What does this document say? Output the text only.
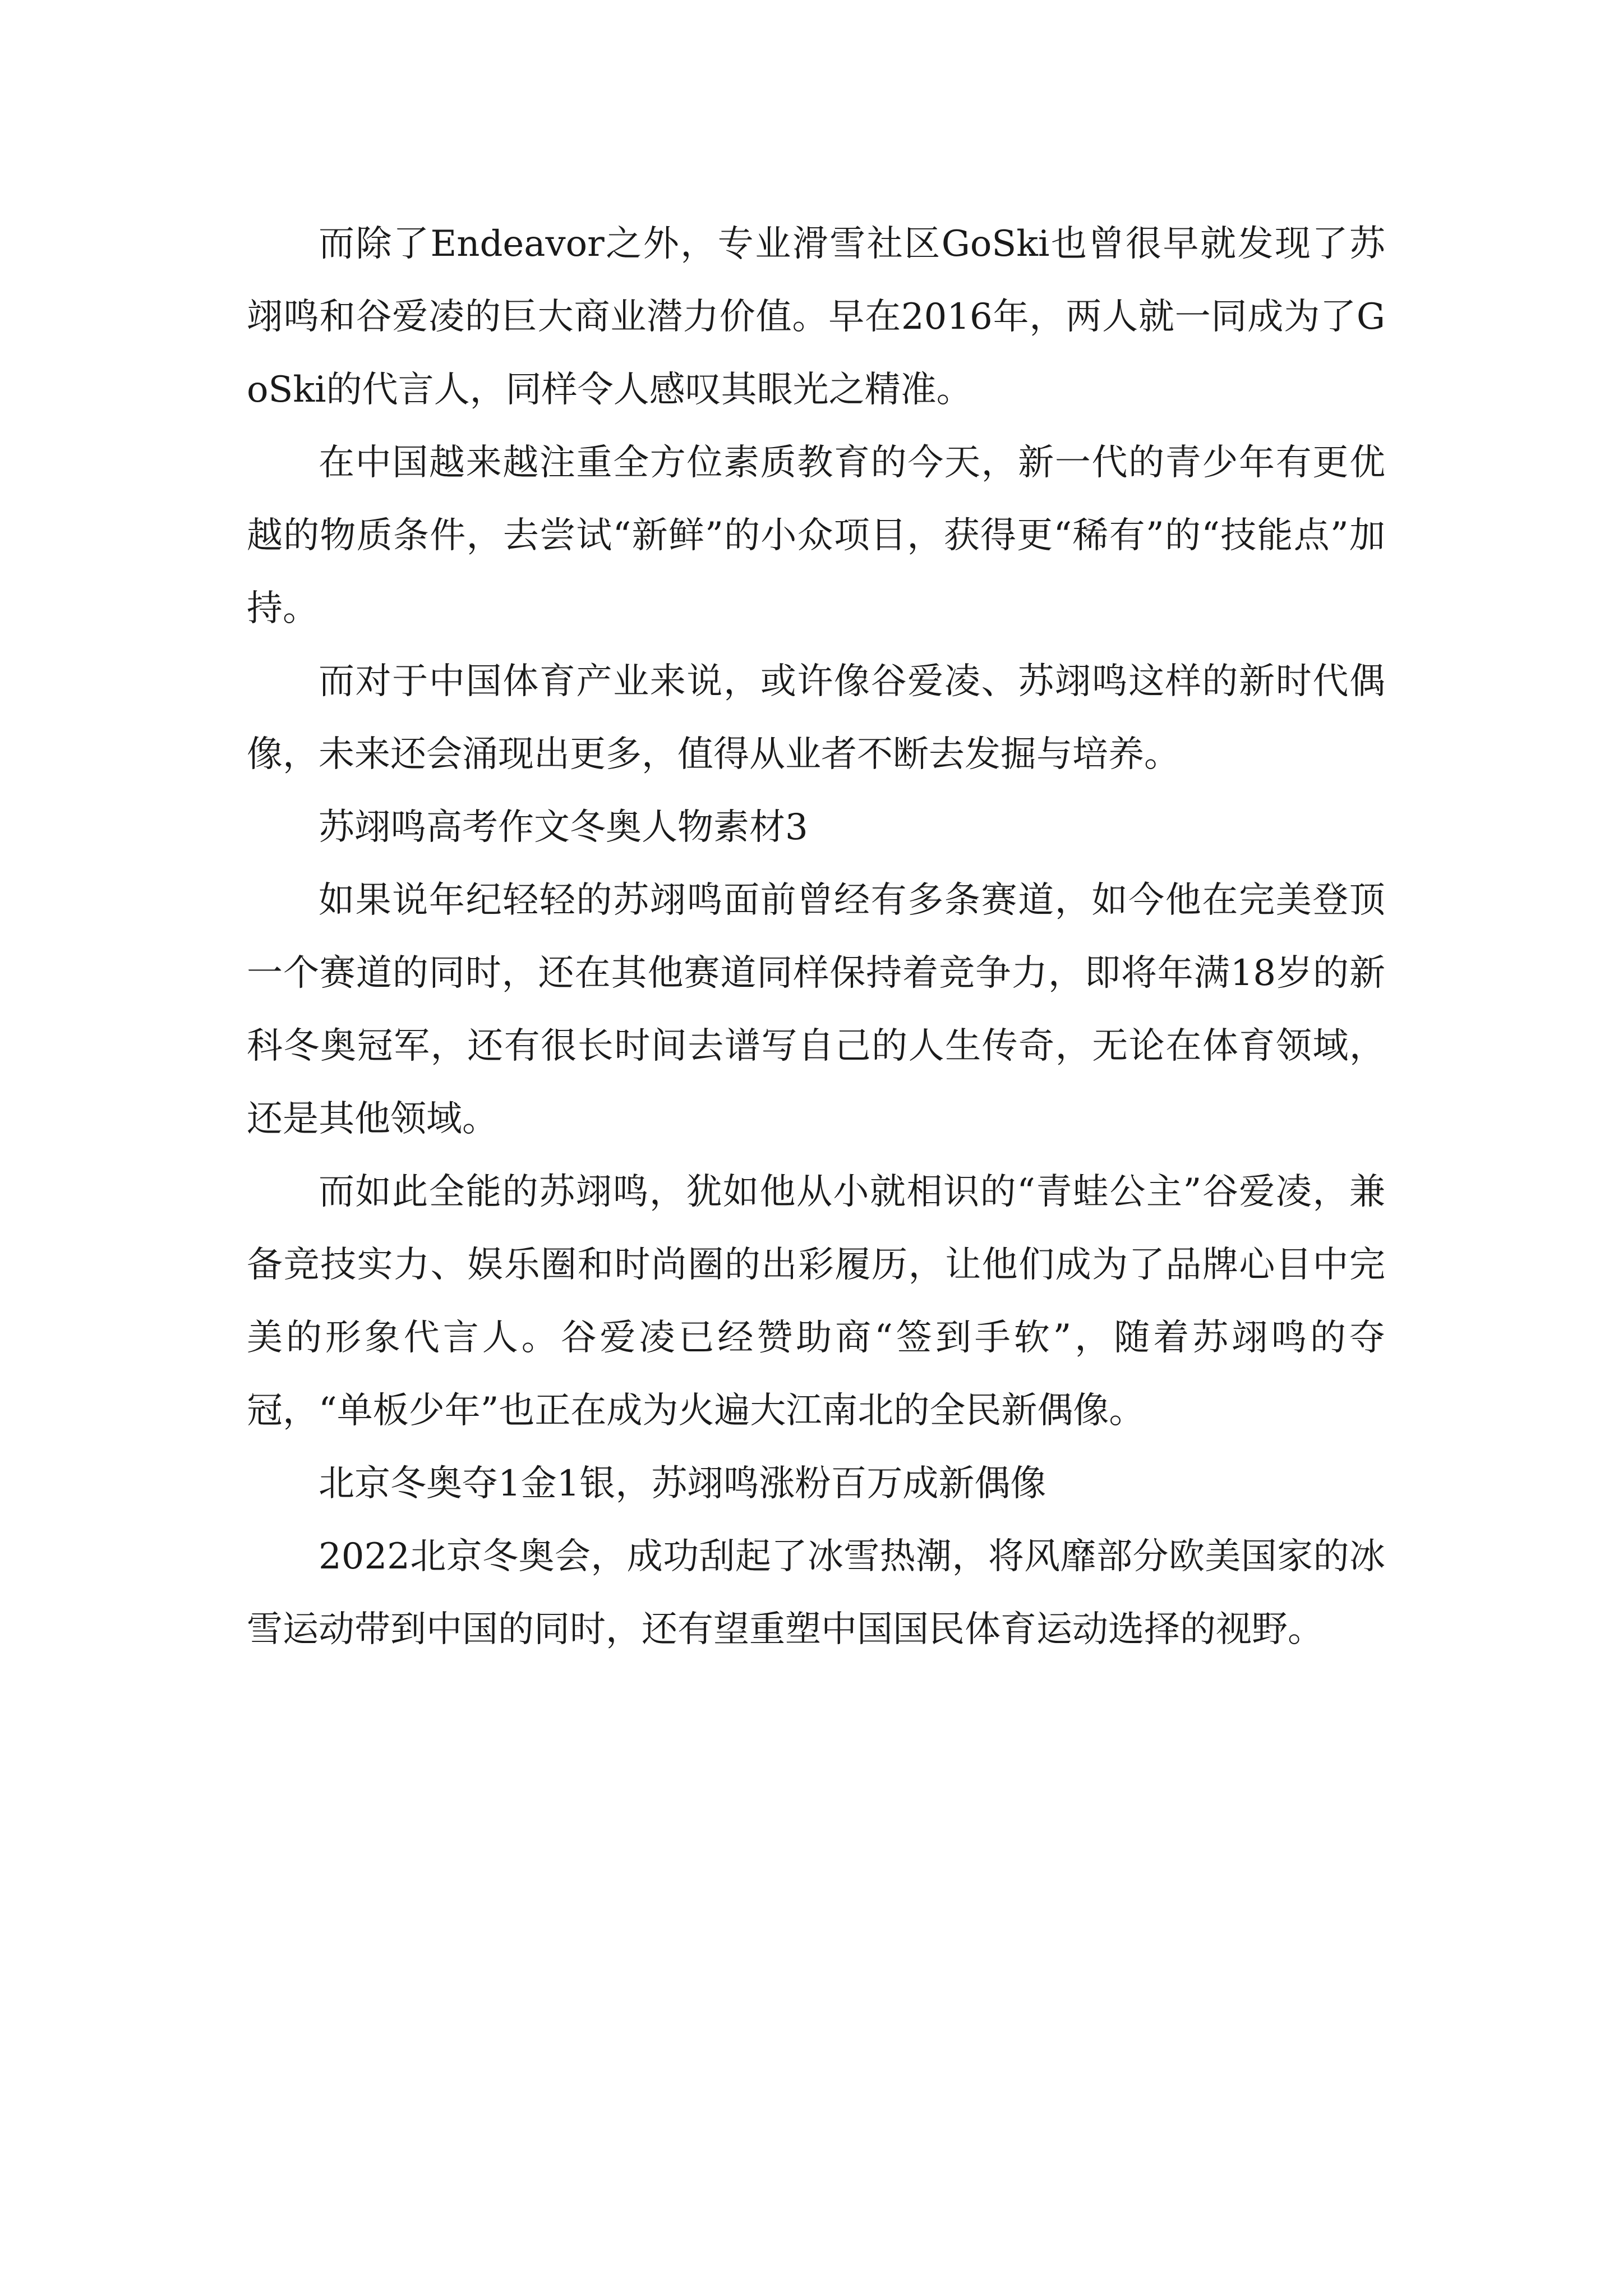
而除了Endeavor之外，专业滑雪社区GoSki也曾很早就发现了苏翊鸣和谷爱凌的巨大商业潜力价值。早在2016年，两人就一同成为了GoSki的代言人，同样令人感叹其眼光之精准。

在中国越来越注重全方位素质教育的今天，新一代的青少年有更优越的物质条件，去尝试“新鲜”的小众项目，获得更“稀有”的“技能点”加持。

而对于中国体育产业来说，或许像谷爱凌、苏翊鸣这样的新时代偶像，未来还会涌现出更多，值得从业者不断去发掘与培养。

苏翊鸣高考作文冬奥人物素材3

如果说年纪轻轻的苏翊鸣面前曾经有多条赛道，如今他在完美登顶一个赛道的同时，还在其他赛道同样保持着竞争力，即将年满18岁的新科冬奥冠军，还有很长时间去谱写自己的人生传奇，无论在体育领域，还是其他领域。

而如此全能的苏翊鸣，犹如他从小就相识的“青蛙公主”谷爱凌，兼备竞技实力、娱乐圈和时尚圈的出彩履历，让他们成为了品牌心目中完美的形象代言人。谷爱凌已经赞助商“签到手软”，随着苏翊鸣的夺冠，“单板少年”也正在成为火遍大江南北的全民新偶像。

北京冬奥夺1金1银，苏翊鸣涨粉百万成新偶像

2022北京冬奥会，成功刮起了冰雪热潮，将风靡部分欧美国家的冰雪运动带到中国的同时，还有望重塑中国国民体育运动选择的视野。
